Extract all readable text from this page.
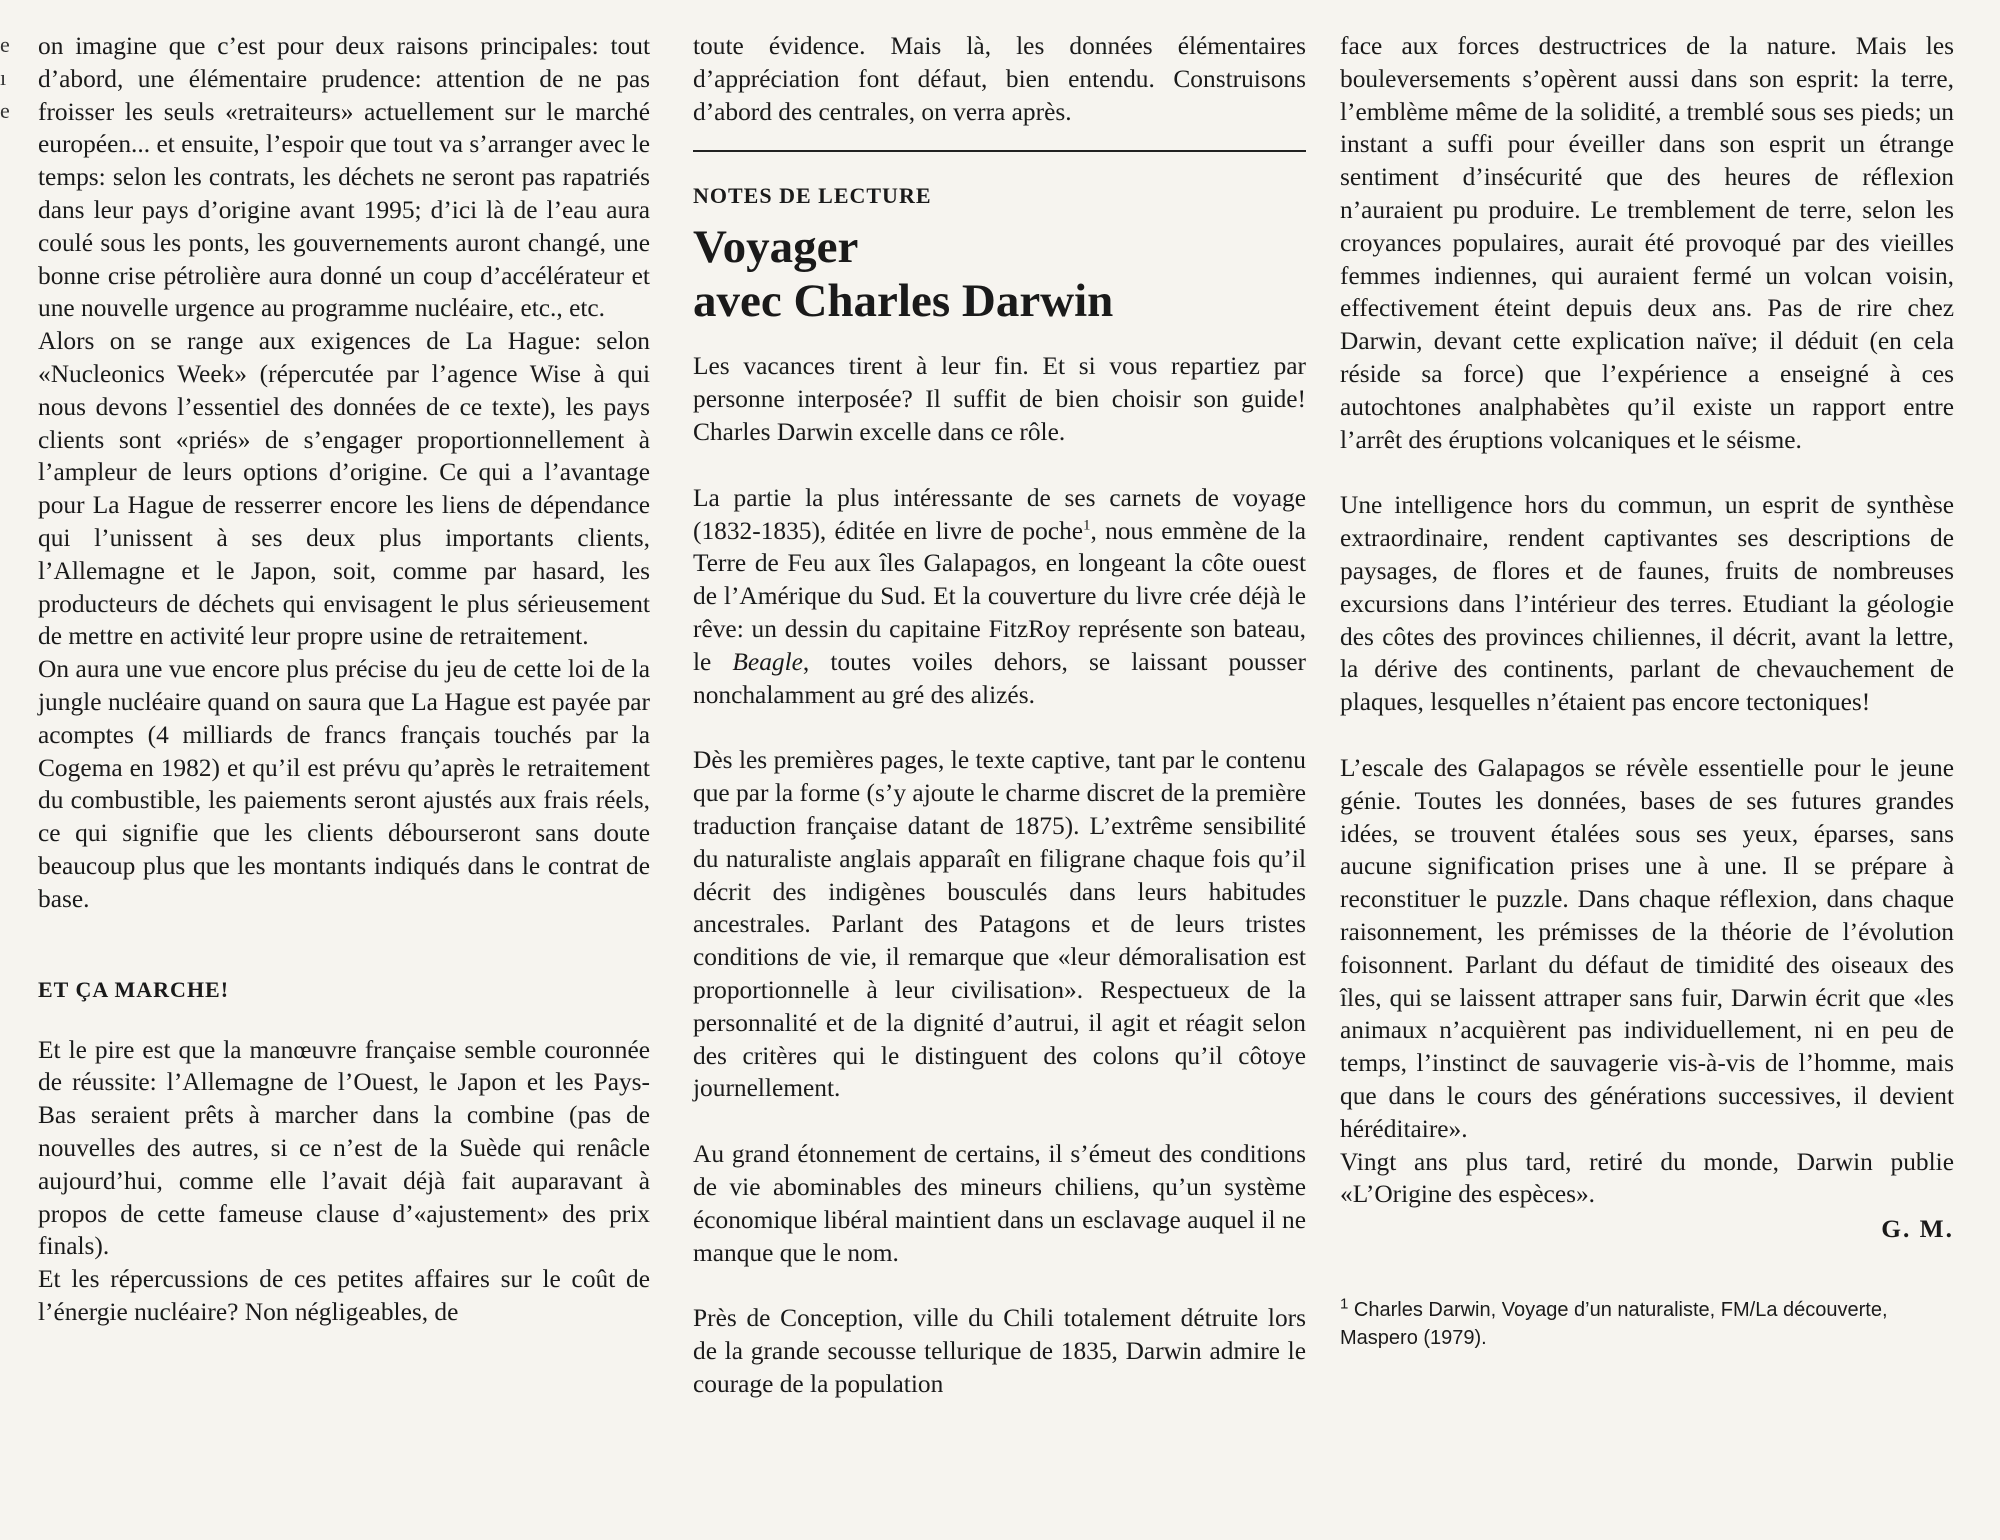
e
ı
e

on imagine que c’est pour deux raisons principales: tout d’abord, une élémentaire prudence: attention de ne pas froisser les seuls «retraiteurs» actuellement sur le marché européen... et ensuite, l’espoir que tout va s’arranger avec le temps: selon les contrats, les déchets ne seront pas rapatriés dans leur pays d’origine avant 1995; d’ici là de l’eau aura coulé sous les ponts, les gouvernements auront changé, une bonne crise pétrolière aura donné un coup d’accélérateur et une nouvelle urgence au programme nucléaire, etc., etc.

Alors on se range aux exigences de La Hague: selon «Nucleonics Week» (répercutée par l’agence Wise à qui nous devons l’essentiel des données de ce texte), les pays clients sont «priés» de s’engager proportionnellement à l’ampleur de leurs options d’origine. Ce qui a l’avantage pour La Hague de resserrer encore les liens de dépendance qui l’unissent à ses deux plus importants clients, l’Allemagne et le Japon, soit, comme par hasard, les producteurs de déchets qui envisagent le plus sérieusement de mettre en activité leur propre usine de retraitement.

On aura une vue encore plus précise du jeu de cette loi de la jungle nucléaire quand on saura que La Hague est payée par acomptes (4 milliards de francs français touchés par la Cogema en 1982) et qu’il est prévu qu’après le retraitement du combustible, les paiements seront ajustés aux frais réels, ce qui signifie que les clients débourseront sans doute beaucoup plus que les montants indiqués dans le contrat de base.

ET ÇA MARCHE!

Et le pire est que la manœuvre française semble couronnée de réussite: l’Allemagne de l’Ouest, le Japon et les Pays-Bas seraient prêts à marcher dans la combine (pas de nouvelles des autres, si ce n’est de la Suède qui renâcle aujourd’hui, comme elle l’avait déjà fait auparavant à propos de cette fameuse clause d’«ajustement» des prix finals).

Et les répercussions de ces petites affaires sur le coût de l’énergie nucléaire? Non négligeables, de

toute évidence. Mais là, les données élémentaires d’appréciation font défaut, bien entendu. Construisons d’abord des centrales, on verra après.

NOTES DE LECTURE
Voyager
avec Charles Darwin

Les vacances tirent à leur fin. Et si vous repartiez par personne interposée? Il suffit de bien choisir son guide! Charles Darwin excelle dans ce rôle.

La partie la plus intéressante de ses carnets de voyage (1832-1835), éditée en livre de poche$^1$, nous emmène de la Terre de Feu aux îles Galapagos, en longeant la côte ouest de l’Amérique du Sud. Et la couverture du livre crée déjà le rêve: un dessin du capitaine FitzRoy représente son bateau, le Beagle, toutes voiles dehors, se laissant pousser nonchalamment au gré des alizés.

Dès les premières pages, le texte captive, tant par le contenu que par la forme (s’y ajoute le charme discret de la première traduction française datant de 1875). L’extrême sensibilité du naturaliste anglais apparaît en filigrane chaque fois qu’il décrit des indigènes bousculés dans leurs habitudes ancestrales. Parlant des Patagons et de leurs tristes conditions de vie, il remarque que «leur démoralisation est proportionnelle à leur civilisation». Respectueux de la personnalité et de la dignité d’autrui, il agit et réagit selon des critères qui le distinguent des colons qu’il côtoye journellement.

Au grand étonnement de certains, il s’émeut des conditions de vie abominables des mineurs chiliens, qu’un système économique libéral maintient dans un esclavage auquel il ne manque que le nom.

Près de Conception, ville du Chili totalement détruite lors de la grande secousse tellurique de 1835, Darwin admire le courage de la population

face aux forces destructrices de la nature. Mais les bouleversements s’opèrent aussi dans son esprit: la terre, l’emblème même de la solidité, a tremblé sous ses pieds; un instant a suffi pour éveiller dans son esprit un étrange sentiment d’insécurité que des heures de réflexion n’auraient pu produire. Le tremblement de terre, selon les croyances populaires, aurait été provoqué par des vieilles femmes indiennes, qui auraient fermé un volcan voisin, effectivement éteint depuis deux ans. Pas de rire chez Darwin, devant cette explication naïve; il déduit (en cela réside sa force) que l’expérience a enseigné à ces autochtones analphabètes qu’il existe un rapport entre l’arrêt des éruptions volcaniques et le séisme.

Une intelligence hors du commun, un esprit de synthèse extraordinaire, rendent captivantes ses descriptions de paysages, de flores et de faunes, fruits de nombreuses excursions dans l’intérieur des terres. Etudiant la géologie des côtes des provinces chiliennes, il décrit, avant la lettre, la dérive des continents, parlant de chevauchement de plaques, lesquelles n’étaient pas encore tectoniques!

L’escale des Galapagos se révèle essentielle pour le jeune génie. Toutes les données, bases de ses futures grandes idées, se trouvent étalées sous ses yeux, éparses, sans aucune signification prises une à une. Il se prépare à reconstituer le puzzle. Dans chaque réflexion, dans chaque raisonnement, les prémisses de la théorie de l’évolution foisonnent. Parlant du défaut de timidité des oiseaux des îles, qui se laissent attraper sans fuir, Darwin écrit que «les animaux n’acquièrent pas individuellement, ni en peu de temps, l’instinct de sauvagerie vis-à-vis de l’homme, mais que dans le cours des générations successives, il devient héréditaire».

Vingt ans plus tard, retiré du monde, Darwin publie «L’Origine des espèces».

G. M.
$^1$ Charles Darwin, Voyage d’un naturaliste, FM/La découverte, Maspero (1979).
